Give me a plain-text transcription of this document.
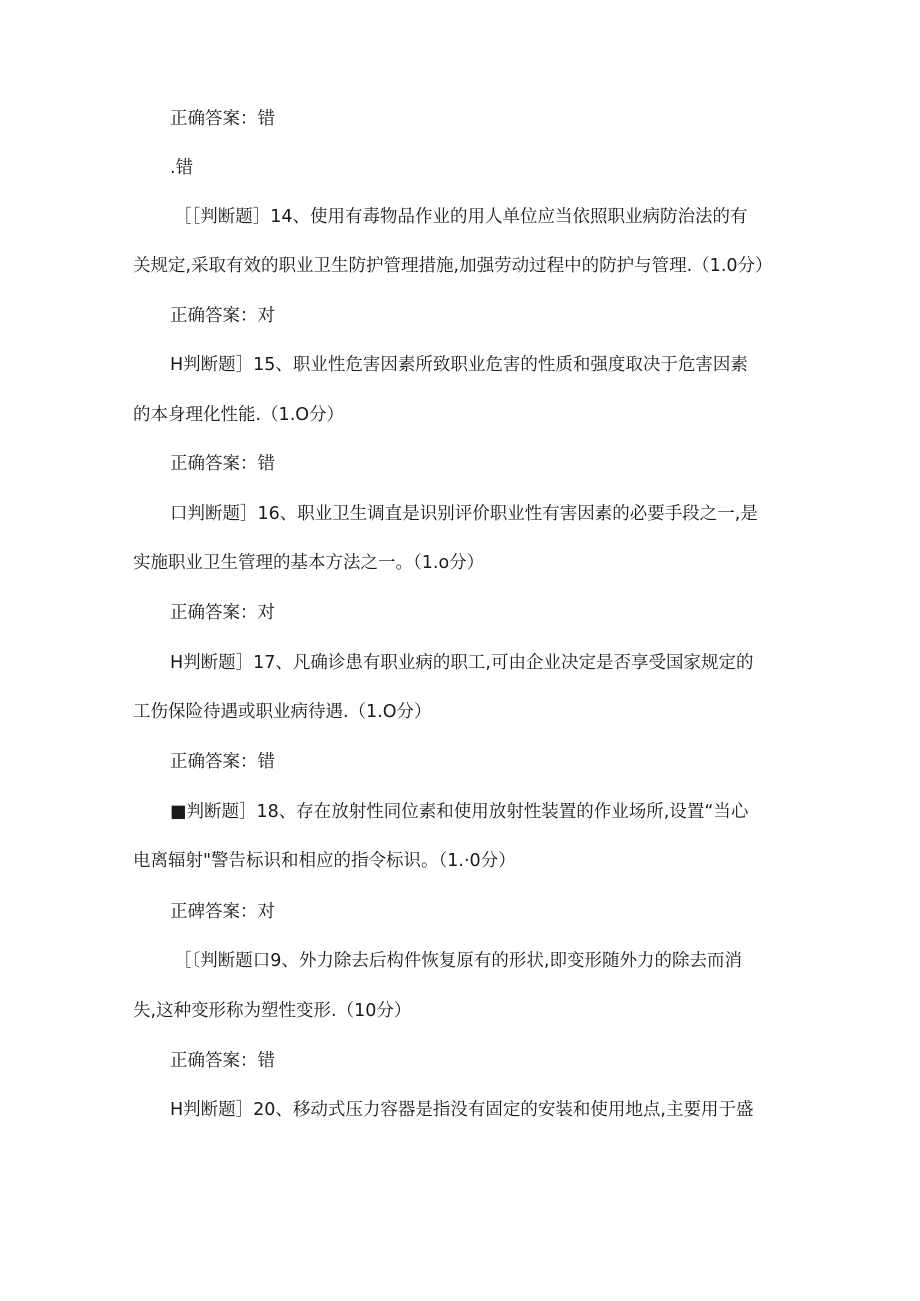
正确答案：错
.错
［［判断题］14、使用有毒物品作业的用人单位应当依照职业病防治法的有
关规定,采取有效的职业卫生防护管理措施,加强劳动过程中的防护与管理.（1.0分）
正确答案：对
H判断题］15、职业性危害因素所致职业危害的性质和强度取决于危害因素
的本身理化性能.（1.O分）
正确答案：错
口判断题］16、职业卫生调直是识别评价职业性有害因素的必要手段之一,是
实施职业卫生管理的基本方法之一。（1.o分）
正确答案：对
H判断题］17、凡确诊患有职业病的职工,可由企业决定是否享受国家规定的
工伤保险待遇或职业病待遇.（1.O分）
正确答案：错
■判断题］18、存在放射性同位素和使用放射性装置的作业场所,设置“当心
电离辐射"警告标识和相应的指令标识。（1.·0分）
正碑答案：对
［〔判断题口9、外力除去后构件恢复原有的形状,即变形随外力的除去而消
失,这种变形称为塑性变形.（10分）
正确答案：错
H判断题］20、移动式压力容器是指没有固定的安装和使用地点,主要用于盛
